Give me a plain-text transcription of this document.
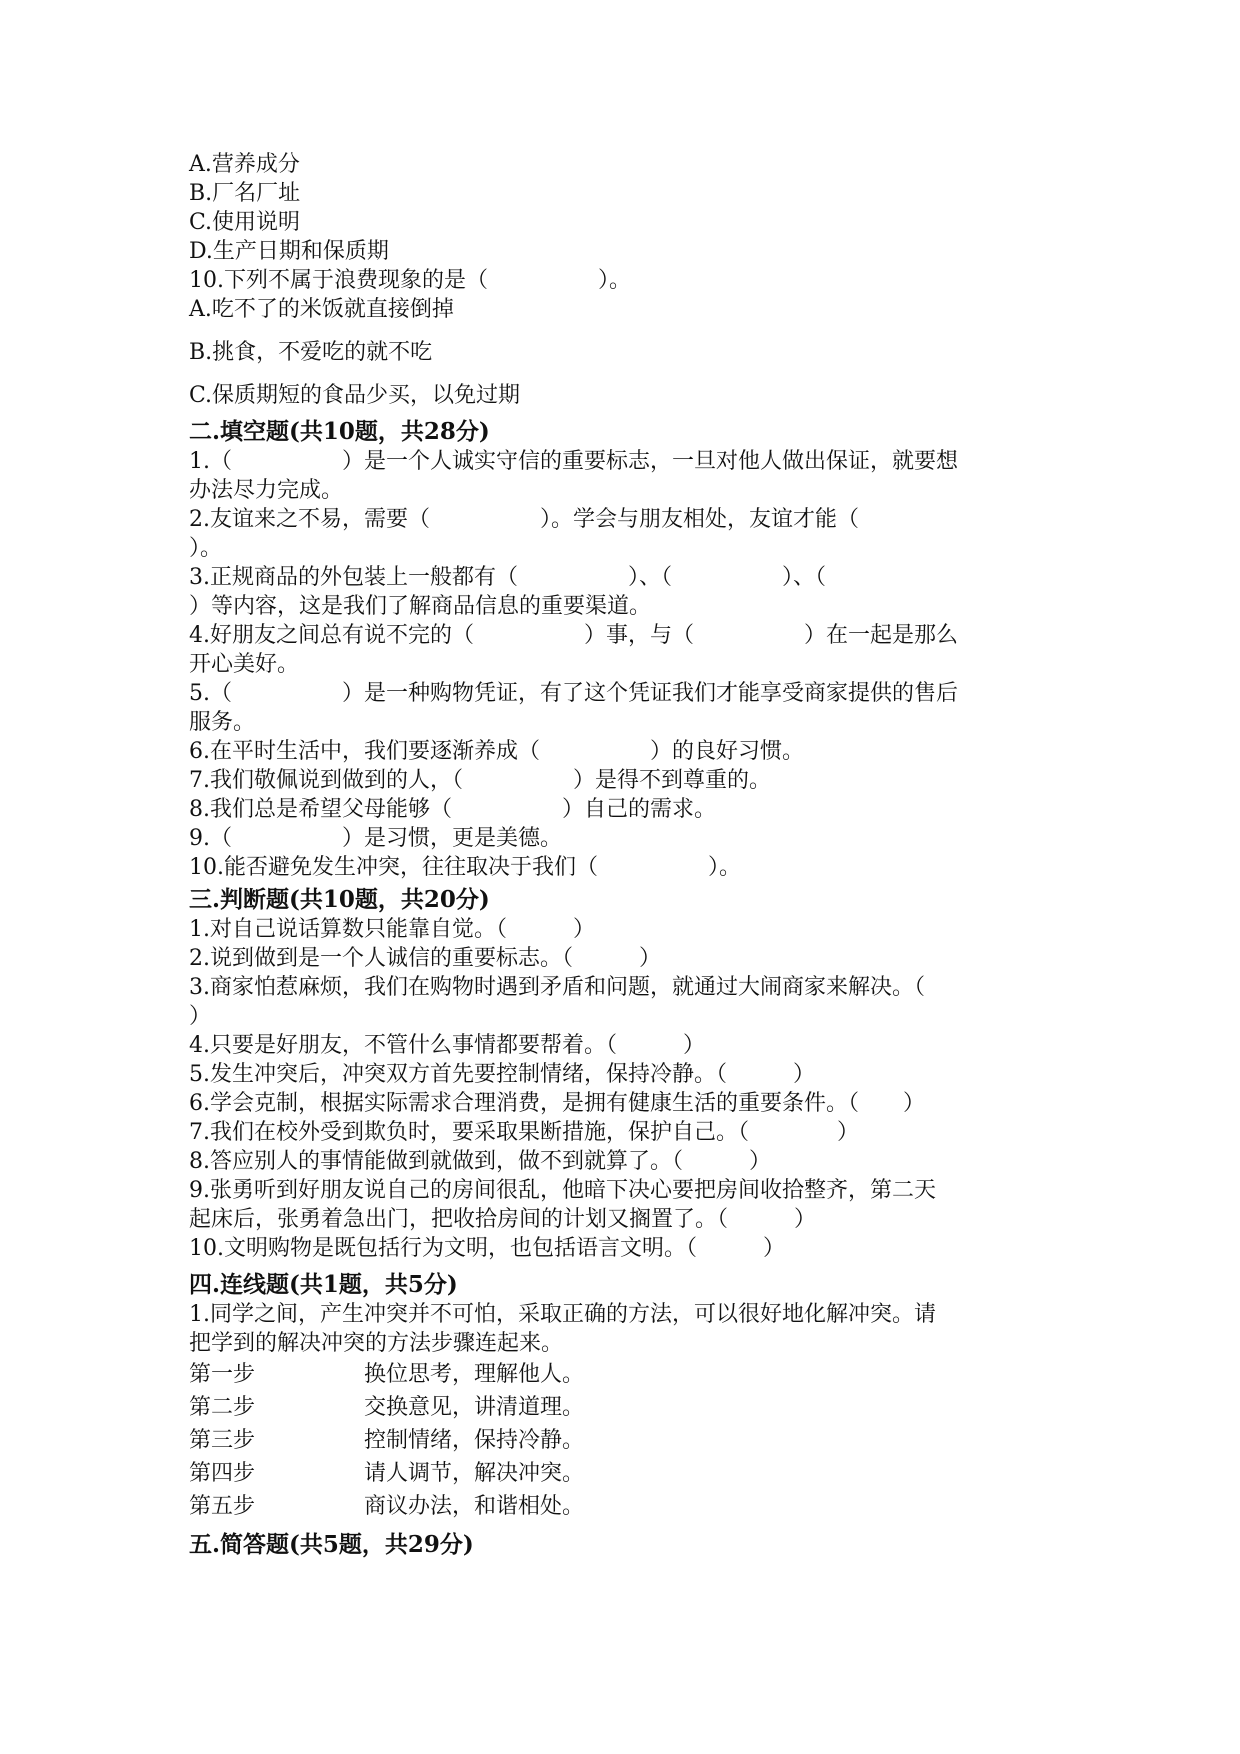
A.营养成分
B.厂名厂址
C.使用说明
D.生产日期和保质期
10.下列不属于浪费现象的是（　　　　　）。
A.吃不了的米饭就直接倒掉
B.挑食，不爱吃的就不吃
C.保质期短的食品少买，以免过期
二.填空题(共10题，共28分)
1.（　　　　　）是一个人诚实守信的重要标志，一旦对他人做出保证，就要想
办法尽力完成。
2.友谊来之不易，需要（　　　　　）。学会与朋友相处，友谊才能（
）。
3.正规商品的外包装上一般都有（　　　　　）、（　　　　　）、（
）等内容，这是我们了解商品信息的重要渠道。
4.好朋友之间总有说不完的（　　　　　）事，与（　　　　　）在一起是那么
开心美好。
5.（　　　　　）是一种购物凭证，有了这个凭证我们才能享受商家提供的售后
服务。
6.在平时生活中，我们要逐渐养成（　　　　　）的良好习惯。
7.我们敬佩说到做到的人，（　　　　　）是得不到尊重的。
8.我们总是希望父母能够（　　　　　）自己的需求。
9.（　　　　　）是习惯，更是美德。
10.能否避免发生冲突，往往取决于我们（　　　　　）。
三.判断题(共10题，共20分)
1.对自己说话算数只能靠自觉。（　　　）
2.说到做到是一个人诚信的重要标志。（　　　）
3.商家怕惹麻烦，我们在购物时遇到矛盾和问题，就通过大闹商家来解决。（
）
4.只要是好朋友，不管什么事情都要帮着。（　　　）
5.发生冲突后，冲突双方首先要控制情绪，保持冷静。（　　　）
6.学会克制，根据实际需求合理消费，是拥有健康生活的重要条件。（　　）
7.我们在校外受到欺负时，要采取果断措施，保护自己。（　　　　）
8.答应别人的事情能做到就做到，做不到就算了。（　　　）
9.张勇听到好朋友说自己的房间很乱，他暗下决心要把房间收拾整齐，第二天
起床后，张勇着急出门，把收拾房间的计划又搁置了。（　　　）
10.文明购物是既包括行为文明，也包括语言文明。（　　　）
四.连线题(共1题，共5分)
1.同学之间，产生冲突并不可怕，采取正确的方法，可以很好地化解冲突。请
把学到的解决冲突的方法步骤连起来。
第一步	换位思考，理解他人。
第二步	交换意见，讲清道理。
第三步	控制情绪，保持冷静。
第四步	请人调节，解决冲突。
第五步	商议办法，和谐相处。
五.简答题(共5题，共29分)
